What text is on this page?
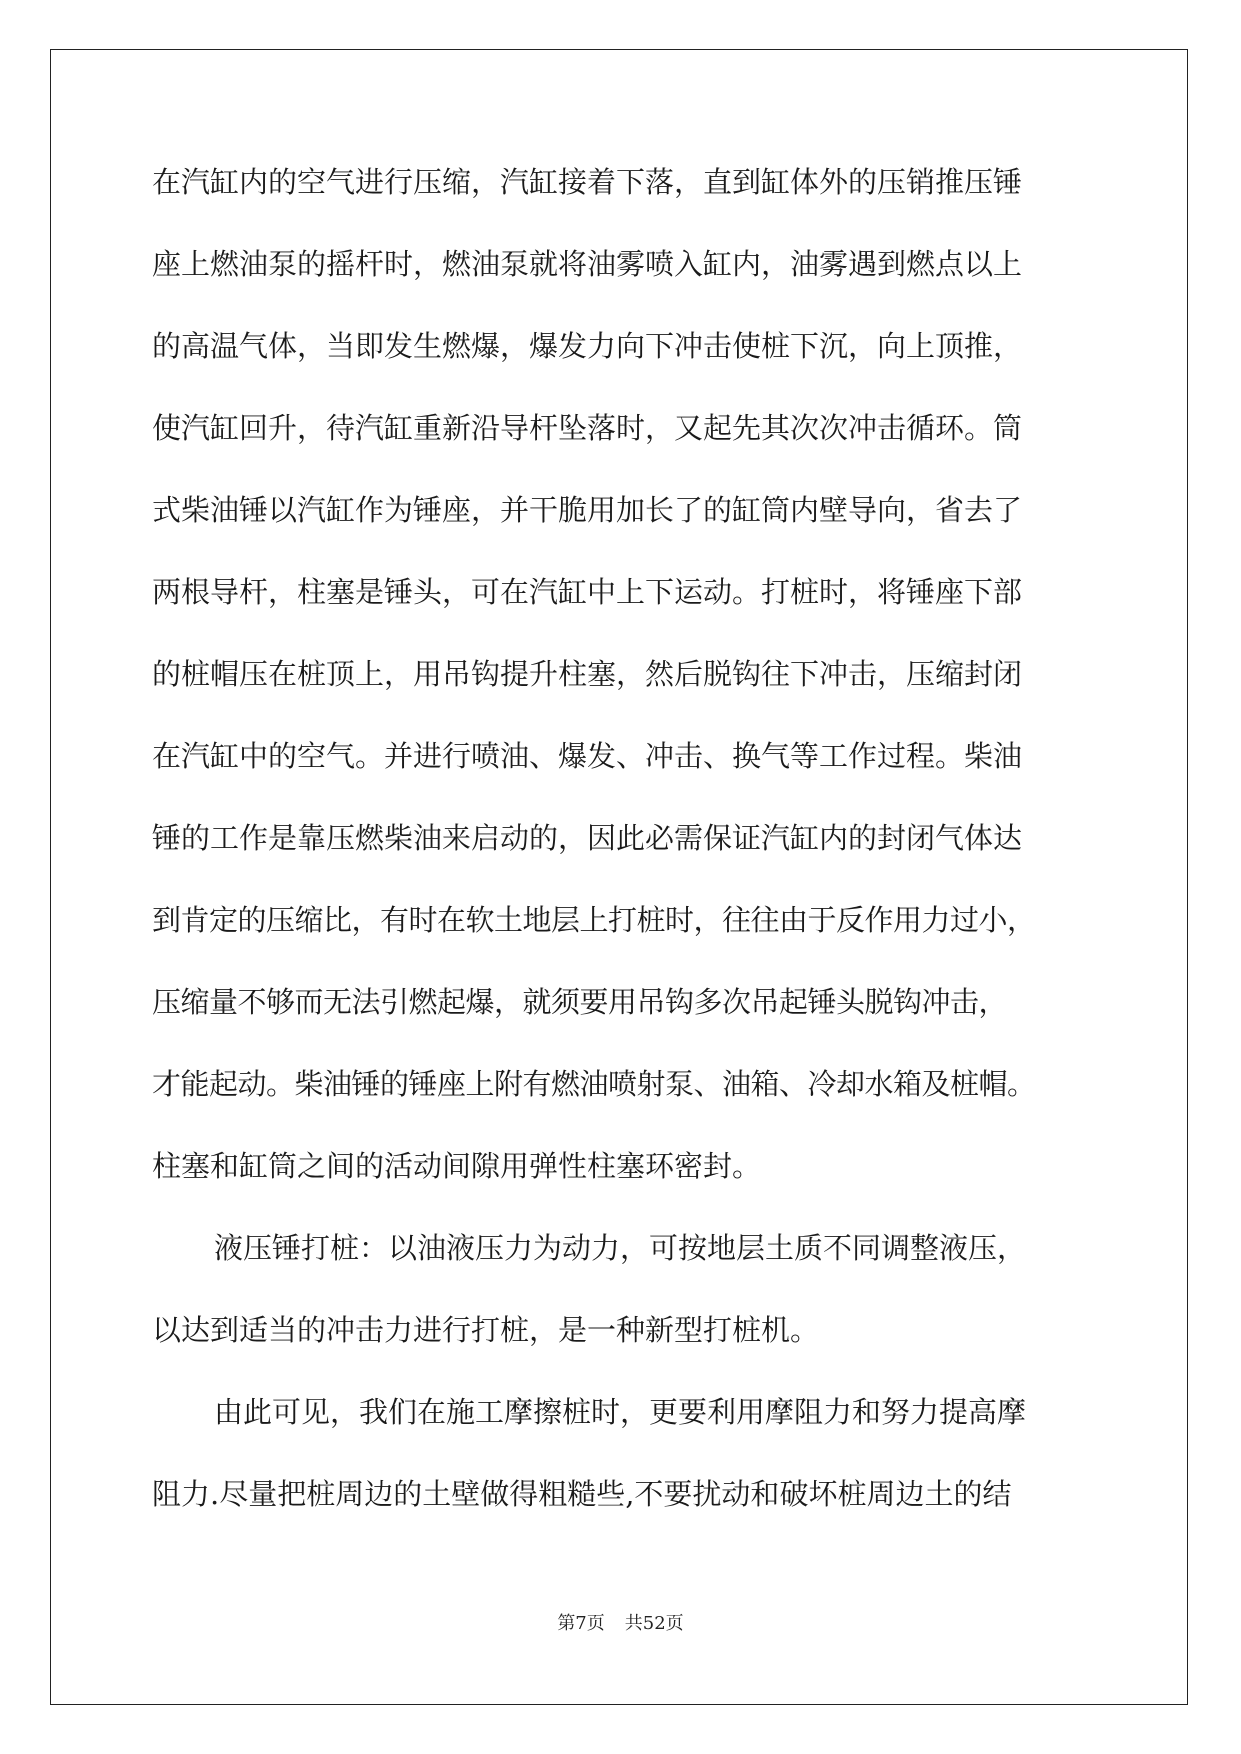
在汽缸内的空气进行压缩，汽缸接着下落，直到缸体外的压销推压锤
座上燃油泵的摇杆时，燃油泵就将油雾喷入缸内，油雾遇到燃点以上
的高温气体，当即发生燃爆，爆发力向下冲击使桩下沉，向上顶推，
使汽缸回升，待汽缸重新沿导杆坠落时，又起先其次次冲击循环。筒
式柴油锤以汽缸作为锤座，并干脆用加长了的缸筒内壁导向，省去了
两根导杆，柱塞是锤头，可在汽缸中上下运动。打桩时，将锤座下部
的桩帽压在桩顶上，用吊钩提升柱塞，然后脱钩往下冲击，压缩封闭
在汽缸中的空气。并进行喷油、爆发、冲击、换气等工作过程。柴油
锤的工作是靠压燃柴油来启动的，因此必需保证汽缸内的封闭气体达
到肯定的压缩比，有时在软土地层上打桩时，往往由于反作用力过小，
压缩量不够而无法引燃起爆，就须要用吊钩多次吊起锤头脱钩冲击，
才能起动。柴油锤的锤座上附有燃油喷射泵、油箱、冷却水箱及桩帽。
柱塞和缸筒之间的活动间隙用弹性柱塞环密封。
液压锤打桩：以油液压力为动力，可按地层土质不同调整液压，
以达到适当的冲击力进行打桩，是一种新型打桩机。
由此可见，我们在施工摩擦桩时，更要利用摩阻力和努力提高摩
阻力.尽量把桩周边的土壁做得粗糙些,不要扰动和破坏桩周边土的结
第7页 共52页
